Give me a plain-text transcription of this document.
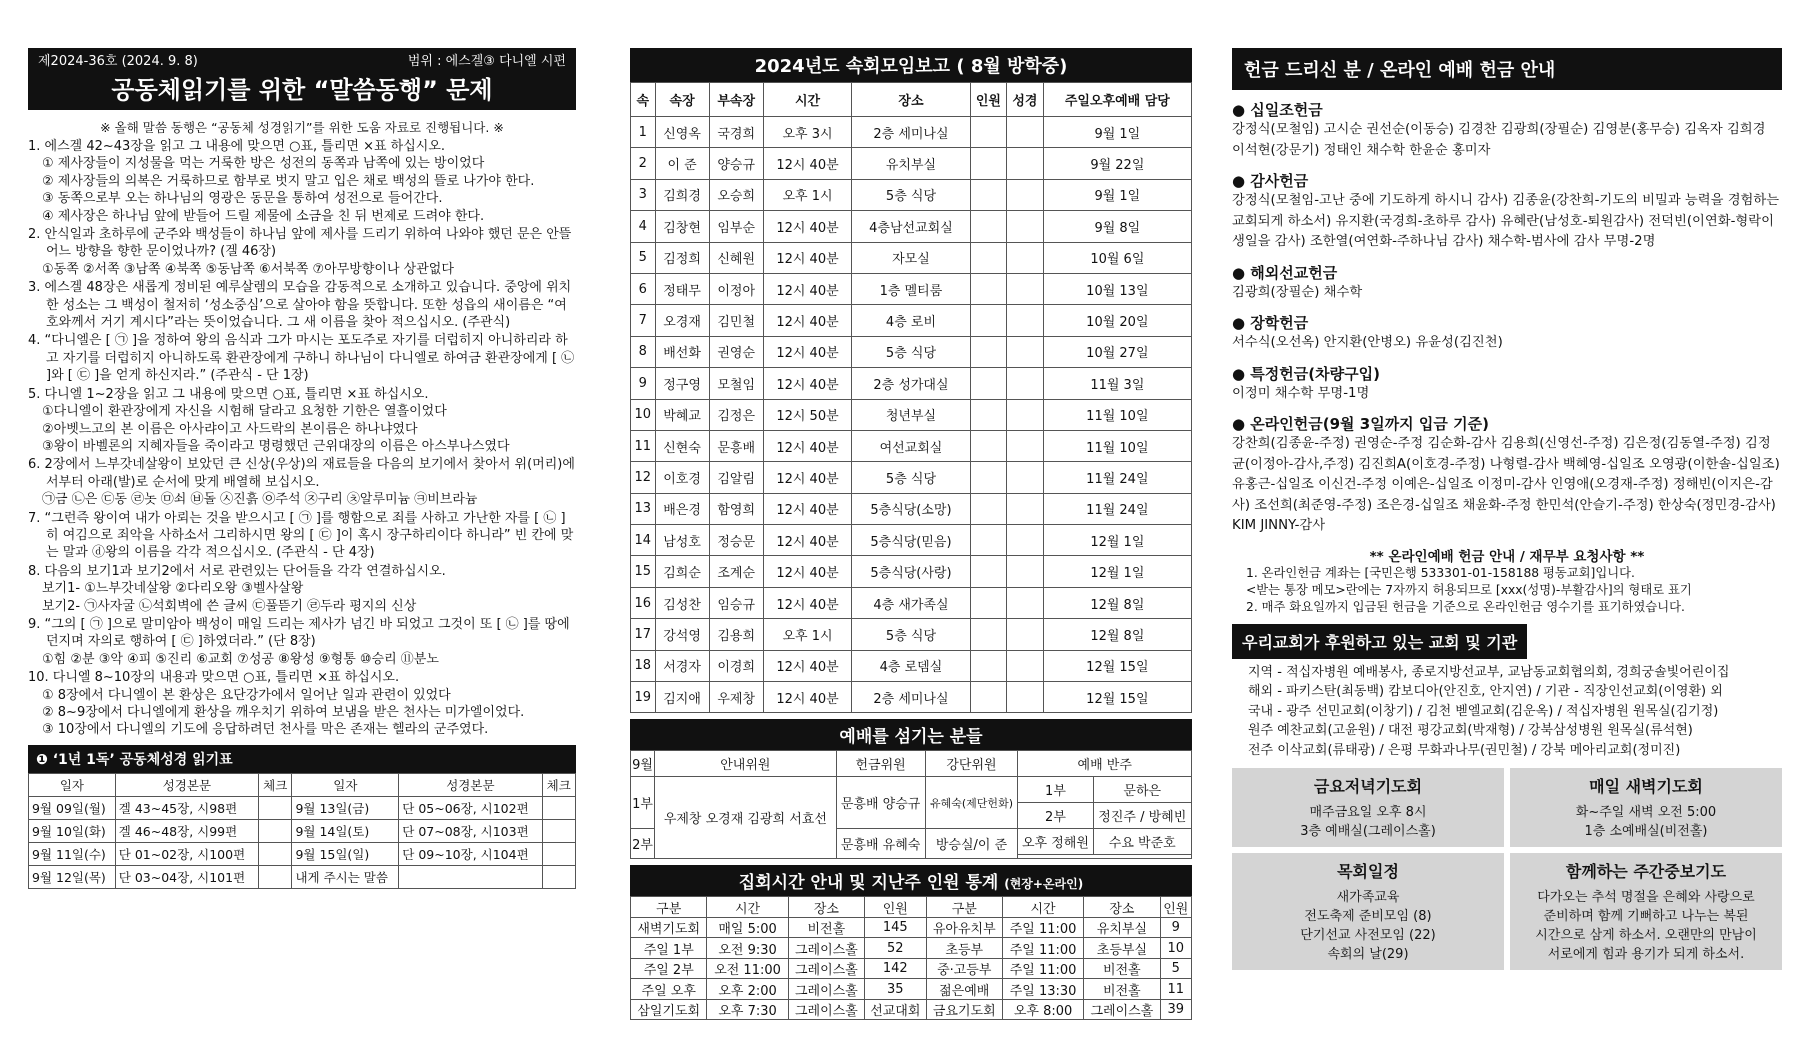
제2024-36호 (2024. 9. 8)	범위 : 에스겔③ 다니엘 시편
공동체읽기를 위한 “말씀동행” 문제
※ 올해 말씀 동행은 “공동체 성경읽기”를 위한 도움 자료로 진행됩니다. ※
1. 에스겔 42~43장을 읽고 그 내용에 맞으면 ○표, 틀리면 ×표 하십시오.
① 제사장들이 지성물을 먹는 거룩한 방은 성전의 동쪽과 남쪽에 있는 방이었다
② 제사장들의 의복은 거룩하므로 함부로 벗지 말고 입은 채로 백성의 뜰로 나가야 한다.
③ 동쪽으로부 오는 하나님의 영광은 동문을 통하여 성전으로 들어간다.
④ 제사장은 하나님 앞에 받들어 드릴 제물에 소금을 친 뒤 번제로 드려야 한다.
2. 안식일과 초하루에 군주와 백성들이 하나님 앞에 제사를 드리기 위하여 나와야 했던 문은 안뜰 어느 방향을 향한 문이었나까? (겔 46장)
①동쪽 ②서쪽 ③남쪽 ④북쪽 ⑤동남쪽 ⑥서북쪽 ⑦아무방향이나 상관없다
3. 에스겔 48장은 새롭게 정비된 예루살렘의 모습을 감동적으로 소개하고 있습니다. 중앙에 위치한 성소는 그 백성이 철저히 ‘성소중심’으로 살아야 함을 뜻합니다. 또한 성읍의 새이름은 “여호와께서 거기 계시다”라는 뜻이었습니다. 그 새 이름을 찾아 적으십시오. (주관식)
4. “다니엘은 [ ㉠ ]을 정하여 왕의 음식과 그가 마시는 포도주로 자기를 더럽히지 아니하리라 하고 자기를 더럽히지 아니하도록 환관장에게 구하니 하나님이 다니엘로 하여금 환관장에게 [ ㉡ ]와 [ ㉢ ]을 얻게 하신지라.” (주관식 - 단 1장)
5. 다니엘 1~2장을 읽고 그 내용에 맞으면 ○표, 틀리면 ×표 하십시오.
①다니엘이 환관장에게 자신을 시험해 달라고 요청한 기한은 열흘이었다
②아벳느고의 본 이름은 아사랴이고 사드락의 본이름은 하나냐였다
③왕이 바벨론의 지혜자들을 죽이라고 명령했던 근위대장의 이름은 아스부나스였다
6. 2장에서 느부갓네살왕이 보았던 큰 신상(우상)의 재료들을 다음의 보기에서 찾아서 위(머리)에서부터 아래(발)로 순서에 맞게 배열해 보십시오.
㉠금 ㉡은 ㉢동 ㉣놋 ㉤쇠 ㉥돌 ㉦진흙 ㉧주석 ㉨구리 ㉩알루미늄 ㉪비브라늄
7. “그런즉 왕이여 내가 아뢰는 것을 받으시고 [ ㉠ ]를 행함으로 죄를 사하고 가난한 자를 [ ㉡ ]히 여김으로 죄악을 사하소서 그리하시면 왕의 [ ㉢ ]이 혹시 장구하리이다 하니라” 빈 칸에 맞는 말과 ⓓ왕의 이름을 각각 적으십시오. (주관식 - 단 4장)
8. 다음의 보기1과 보기2에서 서로 관련있는 단어들을 각각 연결하십시오.
보기1- ①느부갓네살왕 ②다리오왕 ③벨사살왕
보기2- ㉠사자굴 ㉡석회벽에 쓴 글씨 ㉢풀뜯기 ㉣두라 평지의 신상
9. “그의 [ ㉠ ]으로 말미암아 백성이 매일 드리는 제사가 넘긴 바 되었고 그것이 또 [ ㉡ ]를 땅에 던지며 자의로 행하여 [ ㉢ ]하였더라.” (단 8장)
①힘 ②분 ③악 ④피 ⑤진리 ⑥교회 ⑦성공 ⑧왕성 ⑨형통 ⑩승리 ⑪분노
10. 다니엘 8~10장의 내용과 맞으면 ○표, 틀리면 ×표 하십시오.
① 8장에서 다니엘이 본 환상은 요단강가에서 일어난 일과 관련이 있었다
② 8~9장에서 다니엘에게 환상을 깨우치기 위하여 보냄을 받은 천사는 미가엘이었다.
③ 10장에서 다니엘의 기도에 응답하려던 천사를 막은 존재는 헬라의 군주였다.
❶ ‘1년 1독’ 공동체성경 읽기표
일자	성경본문	체크	일자	성경본문	체크
9월 09일(월)	겔 43~45장, 시98편		9월 13일(금)	단 05~06장, 시102편	
9월 10일(화)	겔 46~48장, 시99편		9월 14일(토)	단 07~08장, 시103편	
9월 11일(수)	단 01~02장, 시100편		9월 15일(일)	단 09~10장, 시104편	
9월 12일(목)	단 03~04장, 시101편		내게 주시는 말씀		
2024년도 속회모임보고 ( 8월 방학중)
속	속장	부속장	시간	장소	인원	성경	주일오후예배 담당
1	신영옥	국경희	오후 3시	2층 세미나실			9월 1일
2	이 준	양승규	12시 40분	유치부실			9월 22일
3	김희경	오승희	오후 1시	5층 식당			9월 1일
4	김창현	임부순	12시 40분	4층남선교회실			9월 8일
5	김정희	신혜원	12시 40분	자모실			10월 6일
6	정태무	이정아	12시 40분	1층 멜티룸			10월 13일
7	오경재	김민철	12시 40분	4층 로비			10월 20일
8	배선화	권영순	12시 40분	5층 식당			10월 27일
9	정구영	모철임	12시 40분	2층 성가대실			11월 3일
10	박혜교	김정은	12시 50분	청년부실			11월 10일
11	신현숙	문흥배	12시 40분	여선교회실			11월 10일
12	이호경	김알림	12시 40분	5층 식당			11월 24일
13	배은경	함영희	12시 40분	5층식당(소망)			11월 24일
14	남성호	정승문	12시 40분	5층식당(믿음)			12월 1일
15	김희순	조계순	12시 40분	5층식당(사랑)			12월 1일
16	김성찬	임승규	12시 40분	4층 새가족실			12월 8일
17	강석영	김용희	오후 1시	5층 식당			12월 8일
18	서경자	이경희	12시 40분	4층 로뎀실			12월 15일
19	김지애	우제창	12시 40분	2층 세미나실			12월 15일
예배를 섬기는 분들
9월	안내위원	헌금위원	강단위원	예배 반주	
1부	우제창 오경재 김광희 서효선	문흥배 양승규	유혜숙(제단헌화)	1부	문하은
				2부	정진주 / 방혜빈
2부		문흥배 유혜숙	방승실/이 준	오후 정해원	수요 박준호

집회시간 안내 및 지난주 인원 통계 (현장+온라인)
구분	시간	장소	인원	구분	시간	장소	인원
새벽기도회	매일 5:00	비전홀	145	유아유치부	주일 11:00	유치부실	9
주일 1부	오전 9:30	그레이스홀	52	초등부	주일 11:00	초등부실	10
주일 2부	오전 11:00	그레이스홀	142	중·고등부	주일 11:00	비전홀	5
주일 오후	오후 2:00	그레이스홀	35	젊은예배	주일 13:30	비전홀	11
삼일기도회	오후 7:30	그레이스홀	선교대회	금요기도회	오후 8:00	그레이스홀	39
헌금 드리신 분 / 온라인 예배 헌금 안내
● 십일조헌금
강정식(모철임) 고시순 권선순(이동승) 김경찬 김광희(장필순) 김영분(홍무승) 김옥자 김희경 이석현(강문기) 정태인 채수학 한윤순 홍미자
● 감사헌금
강정식(모철임-고난 중에 기도하게 하시니 감사) 김종윤(강찬희-기도의 비밀과 능력을 경험하는 교회되게 하소서) 유지환(국경희-초하루 감사) 유혜란(남성호-퇴원감사) 전덕빈(이연화-형락이 생일을 감사) 조한열(여연화-주하나님 감사) 채수학-범사에 감사 무명-2명
● 해외선교헌금
김광희(장필순) 채수학
● 장학헌금
서수식(오선옥) 안지환(안병오) 유윤성(김진천)
● 특정헌금(차량구입)
이정미 채수학 무명-1명
● 온라인헌금(9월 3일까지 입금 기준)
강찬희(김종윤-주정) 권영순-주정 김순화-감사 김용희(신영선-주정) 김은정(김동열-주정) 김정균(이정아-감사,주정) 김진희A(이호경-주정) 나형렬-감사 백혜영-십일조 오영광(이한솔-십일조) 유홍근-십일조 이신건-주정 이예은-십일조 이정미-감사 인영애(오경재-주정) 정해빈(이지은-감사) 조선희(최준영-주정) 조은경-십일조 채윤화-주정 한민석(안슬기-주정) 한상숙(정민경-감사) KIM JINNY-감사
** 온라인예배 헌금 안내 / 재무부 요청사항 **
1. 온라인헌금 계좌는 [국민은행 533301-01-158188 평동교회]입니다.
<받는 통장 메모>란에는 7자까지 허용되므로 [xxx(성명)-부활감사]의 형태로 표기
2. 매주 화요일까지 입금된 헌금을 기준으로 온라인헌금 영수기를 표기하였습니다.
우리교회가 후원하고 있는 교회 및 기관
지역 - 적십자병원 예배봉사, 종로지방선교부, 교남동교회협의회, 경희궁솔빛어린이집
해외 - 파키스탄(최동백) 캄보디아(안진호, 안지연) / 기관 - 직장인선교회(이영환) 외
국내 - 광주 선민교회(이창기) / 김천 벧엘교회(김운옥) / 적십자병원 원목실(김기정)
원주 예찬교회(고윤원) / 대전 평강교회(박재형) / 강북삼성병원 원목실(류석현)
전주 이삭교회(류태광) / 은평 무화과나무(권민철) / 강북 메아리교회(정미진)
금요저녁기도회
매주금요일 오후 8시
3층 예배실(그레이스홀)
매일 새벽기도회
화~주일 새벽 오전 5:00
1층 소예배실(비전홀)
목회일정
새가족교육
전도축제 준비모임 (8)
단기선교 사전모임 (22)
속회의 날(29)
함께하는 주간중보기도
다가오는 추석 명절을 은혜와 사랑으로
준비하며 함께 기뻐하고 나누는 복된
시간으로 삼게 하소서. 오랜만의 만남이
서로에게 힘과 용기가 되게 하소서.
